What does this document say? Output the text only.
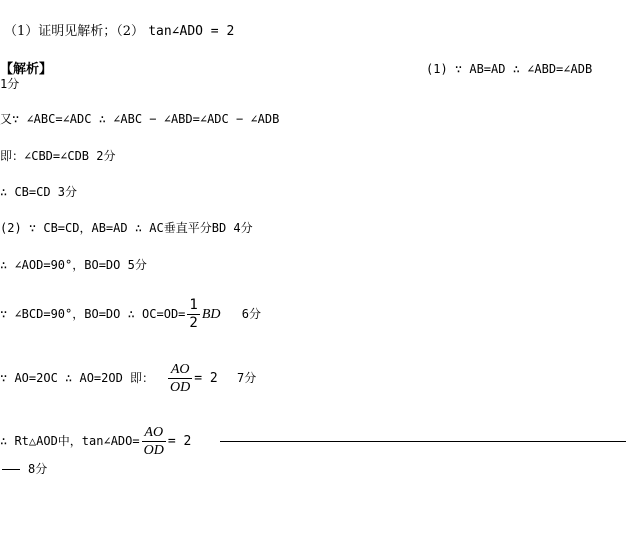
（1）证明见解析；（2） tan∠ADO = 2
【解析】	(1) ∵ AB=AD ∴ ∠ABD=∠ADB
1分
又∵ ∠ABC=∠ADC ∴ ∠ABC − ∠ABD=∠ADC − ∠ADB
即：∠CBD=∠CDB 2分
∴ CB=CD 3分
(2) ∵ CB=CD，AB=AD ∴ AC垂直平分BD 4分
∴ ∠AOD=90°，BO=DO 5分
∵ ∠BCD=90°，BO=DO ∴ $OC=OD= \frac{1}{2}$ BD 6分
∵ AO=2OC ∴ AO=2OD 即： $\frac{AO}{OD} = 2$ 7分
∴ Rt△AOD中，tan∠ADO= $\frac{AO}{OD} = 2$
8分
